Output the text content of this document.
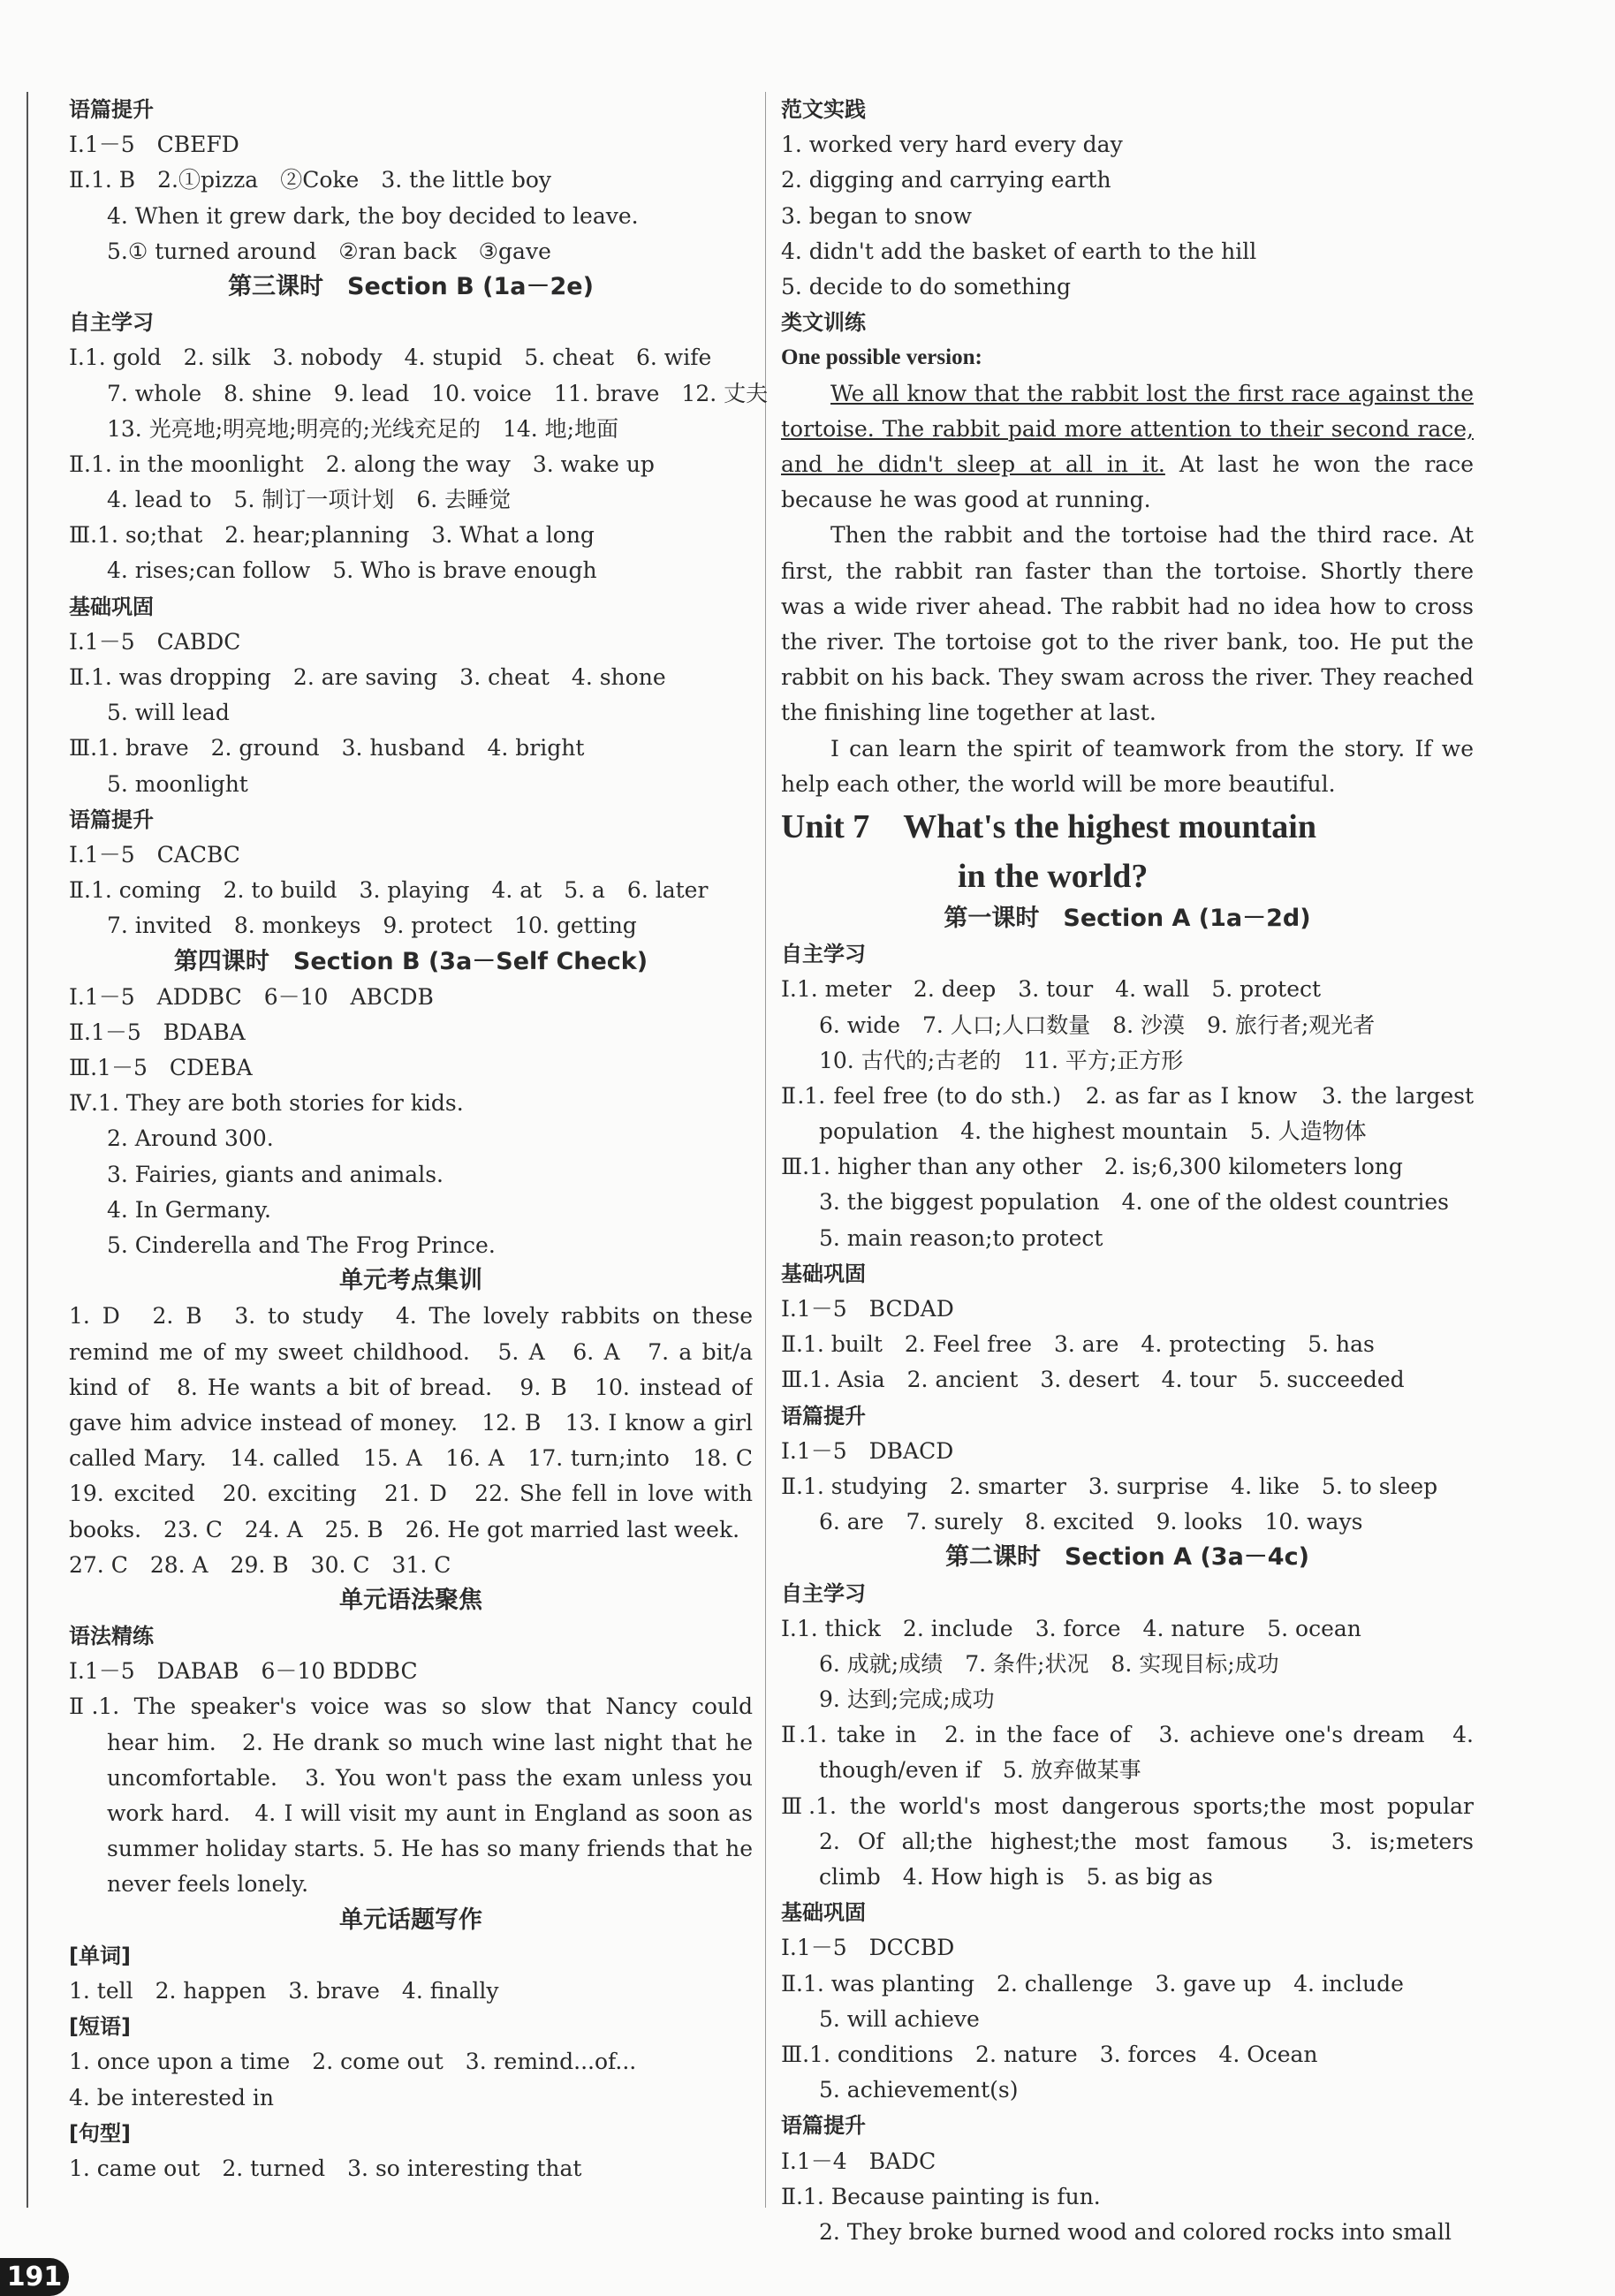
语篇提升
Ⅰ.1－5　CBEFD
Ⅱ.1. B　2.①pizza　②Coke　3. the little boy
4. When it grew dark, the boy decided to leave.
5.① turned around　②ran back　③gave
第三课时　Section B (1a－2e)
自主学习
Ⅰ.1. gold　2. silk　3. nobody　4. stupid　5. cheat　6. wife
7. whole　8. shine　9. lead　10. voice　11. brave　12. 丈夫
13. 光亮地;明亮地;明亮的;光线充足的　14. 地;地面
Ⅱ.1. in the moonlight　2. along the way　3. wake up
4. lead to　5. 制订一项计划　6. 去睡觉
Ⅲ.1. so;that　2. hear;planning　3. What a long
4. rises;can follow　5. Who is brave enough
基础巩固
Ⅰ.1－5　CABDC
Ⅱ.1. was dropping　2. are saving　3. cheat　4. shone
5. will lead
Ⅲ.1. brave　2. ground　3. husband　4. bright
5. moonlight
语篇提升
Ⅰ.1－5　CACBC
Ⅱ.1. coming　2. to build　3. playing　4. at　5. a　6. later
7. invited　8. monkeys　9. protect　10. getting
第四课时　Section B (3a－Self Check)
Ⅰ.1－5　ADDBC　6－10　ABCDB
Ⅱ.1－5　BDABA
Ⅲ.1－5　CDEBA
Ⅳ.1. They are both stories for kids.
2. Around 300.
3. Fairies, giants and animals.
4. In Germany.
5. Cinderella and The Frog Prince.
单元考点集训
1. D　2. B　3. to study　4. The lovely rabbits on these
remind me of my sweet childhood.　5. A　6. A　7. a bit/a
kind of　8. He wants a bit of bread.　9. B　10. instead of　
gave him advice instead of money.　12. B　13. I know a girl
called Mary.　14. called　15. A　16. A　17. turn;into　18. C
19. excited　20. exciting　21. D　22. She fell in love with
books.　23. C　24. A　25. B　26. He got married last week.
27. C　28. A　29. B　30. C　31. C
单元语法聚焦
语法精练
Ⅰ.1－5　DABAB　6－10 BDDBC
Ⅱ.1. The speaker's voice was so slow that Nancy could
hear him.　2. He drank so much wine last night that he
uncomfortable.　3. You won't pass the exam unless you
work hard.　4. I will visit my aunt in England as soon as
summer holiday starts. 5. He has so many friends that he
never feels lonely.
单元话题写作
[单词]
1. tell　2. happen　3. brave　4. finally
[短语]
1. once upon a time　2. come out　3. remind...of...
4. be interested in
[句型]
1. came out　2. turned　3. so interesting that
范文实践
1. worked very hard every day
2. digging and carrying earth
3. began to snow
4. didn't add the basket of earth to the hill
5. decide to do something
类文训练
One possible version:

We all know that the rabbit lost the first race against the tortoise. The rabbit paid more attention to their second race, and he didn't sleep at all in it. At last he won the race because he was good at running.

Then the rabbit and the tortoise had the third race. At first, the rabbit ran faster than the tortoise. Shortly there was a wide river ahead. The rabbit had no idea how to cross the river. The tortoise got to the river bank, too. He put the rabbit on his back. They swam across the river. They reached the finishing line together at last.

I can learn the spirit of teamwork from the story. If we help each other, the world will be more beautiful.

Unit 7　What's the highest mountain
in the world?
第一课时　Section A (1a－2d)
自主学习
Ⅰ.1. meter　2. deep　3. tour　4. wall　5. protect
6. wide　7. 人口;人口数量　8. 沙漠　9. 旅行者;观光者
10. 古代的;古老的　11. 平方;正方形
Ⅱ.1. feel free (to do sth.)　2. as far as I know　3. the largest
population　4. the highest mountain　5. 人造物体
Ⅲ.1. higher than any other　2. is;6,300 kilometers long
3. the biggest population　4. one of the oldest countries
5. main reason;to protect
基础巩固
Ⅰ.1－5　BCDAD
Ⅱ.1. built　2. Feel free　3. are　4. protecting　5. has
Ⅲ.1. Asia　2. ancient　3. desert　4. tour　5. succeeded
语篇提升
Ⅰ.1－5　DBACD
Ⅱ.1. studying　2. smarter　3. surprise　4. like　5. to sleep
6. are　7. surely　8. excited　9. looks　10. ways
第二课时　Section A (3a－4c)
自主学习
Ⅰ.1. thick　2. include　3. force　4. nature　5. ocean
6. 成就;成绩　7. 条件;状况　8. 实现目标;成功
9. 达到;完成;成功
Ⅱ.1. take in　2. in the face of　3. achieve one's dream　4.
though/even if　5. 放弃做某事
Ⅲ.1. the world's most dangerous sports;the most popular
2. Of all;the highest;the most famous　3. is;meters
climb　4. How high is　5. as big as
基础巩固
Ⅰ.1－5　DCCBD
Ⅱ.1. was planting　2. challenge　3. gave up　4. include
5. will achieve
Ⅲ.1. conditions　2. nature　3. forces　4. Ocean
5. achievement(s)
语篇提升
Ⅰ.1－4　BADC
Ⅱ.1. Because painting is fun.
2. They broke burned wood and colored rocks into small
191
